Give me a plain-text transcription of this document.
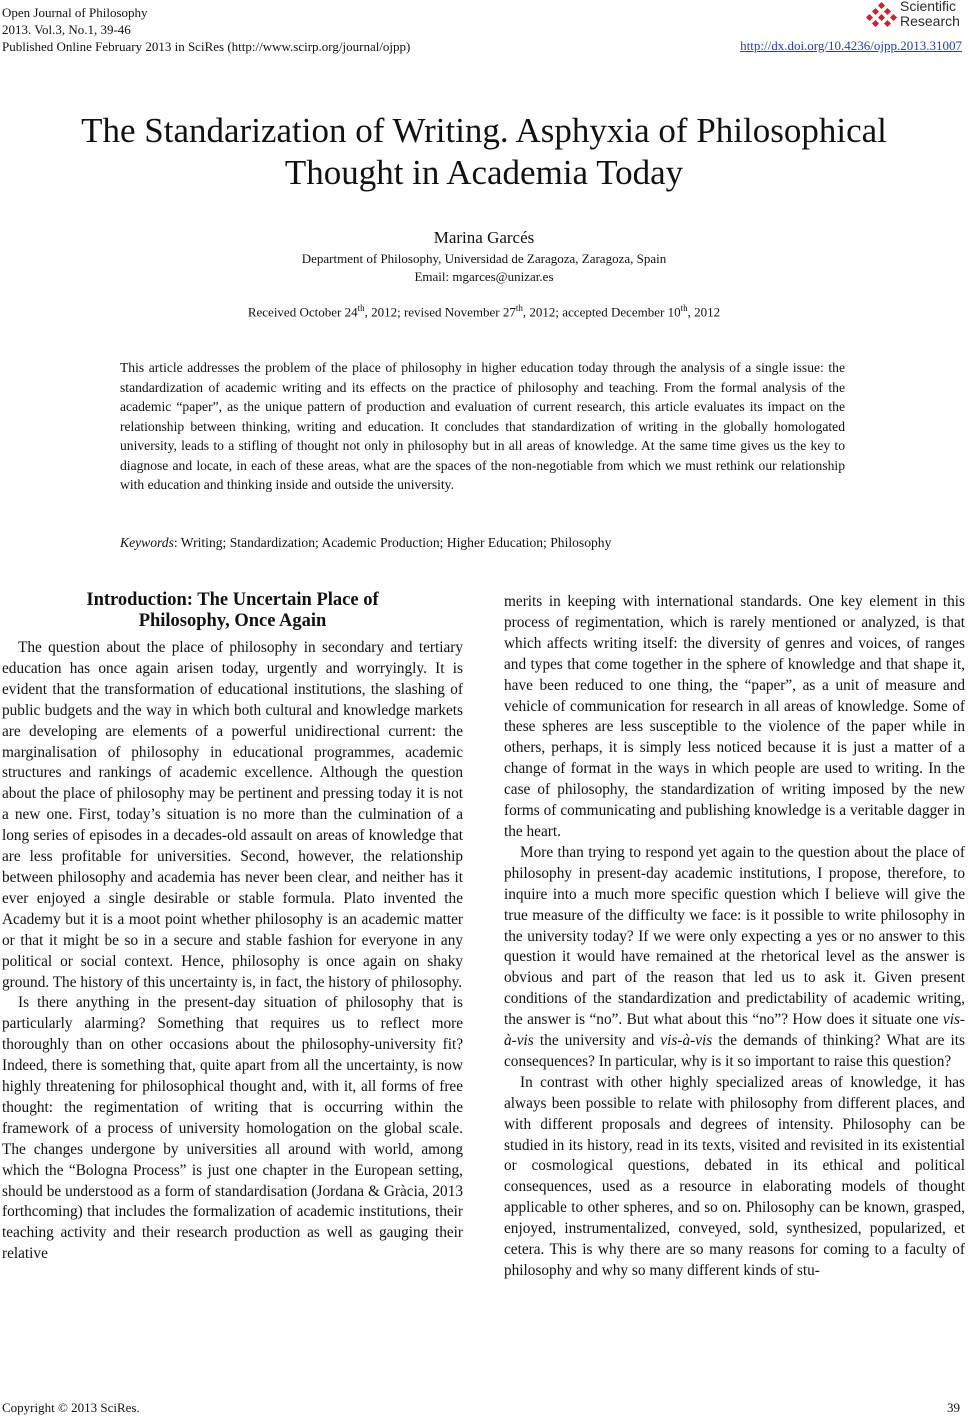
Open Journal of Philosophy
2013. Vol.3, No.1, 39-46
Published Online February 2013 in SciRes (http://www.scirp.org/journal/ojpp)
Scientific
Research
http://dx.doi.org/10.4236/ojpp.2013.31007
The Standarization of Writing. Asphyxia of Philosophical
Thought in Academia Today
Marina Garcés
Department of Philosophy, Universidad de Zaragoza, Zaragoza, Spain
Email: mgarces@unizar.es
Received October 24th, 2012; revised November 27th, 2012; accepted December 10th, 2012
This article addresses the problem of the place of philosophy in higher education today through the analysis of a single issue: the standardization of academic writing and its effects on the practice of philosophy and teaching. From the formal analysis of the academic “paper”, as the unique pattern of production and evaluation of current research, this article evaluates its impact on the relationship between thinking, writing and education. It concludes that standardization of writing in the globally homologated university, leads to a stifling of thought not only in philosophy but in all areas of knowledge. At the same time gives us the key to diagnose and locate, in each of these areas, what are the spaces of the non-negotiable from which we must rethink our relationship with education and thinking inside and outside the university.
Keywords: Writing; Standardization; Academic Production; Higher Education; Philosophy
Introduction: The Uncertain Place of
Philosophy, Once Again

The question about the place of philosophy in secondary and tertiary education has once again arisen today, urgently and worryingly. It is evident that the transformation of educational institutions, the slashing of public budgets and the way in which both cultural and knowledge markets are developing are elements of a powerful unidirectional current: the marginalisation of philosophy in educational programmes, academic structures and rankings of academic excellence. Although the question about the place of philosophy may be pertinent and pressing today it is not a new one. First, today’s situation is no more than the culmination of a long series of episodes in a decades-old assault on areas of knowledge that are less profitable for universities. Second, however, the relationship between philosophy and academia has never been clear, and neither has it ever enjoyed a single desirable or stable formula. Plato invented the Academy but it is a moot point whether philosophy is an academic matter or that it might be so in a secure and stable fashion for everyone in any political or social context. Hence, philosophy is once again on shaky ground. The history of this uncertainty is, in fact, the history of philosophy.

Is there anything in the present-day situation of philosophy that is particularly alarming? Something that requires us to reflect more thoroughly than on other occasions about the philosophy-university fit? Indeed, there is something that, quite apart from all the uncertainty, is now highly threatening for philosophical thought and, with it, all forms of free thought: the regimentation of writing that is occurring within the framework of a process of university homologation on the global scale. The changes undergone by universities all around with world, among which the “Bologna Process” is just one chapter in the European setting, should be understood as a form of standardisation (Jordana & Gràcia, 2013 forthcoming) that includes the formalization of academic institutions, their teaching activity and their research production as well as gauging their relative

merits in keeping with international standards. One key element in this process of regimentation, which is rarely mentioned or analyzed, is that which affects writing itself: the diversity of genres and voices, of ranges and types that come together in the sphere of knowledge and that shape it, have been reduced to one thing, the “paper”, as a unit of measure and vehicle of communication for research in all areas of knowledge. Some of these spheres are less susceptible to the violence of the paper while in others, perhaps, it is simply less noticed because it is just a matter of a change of format in the ways in which people are used to writing. In the case of philosophy, the standardization of writing imposed by the new forms of communicating and publishing knowledge is a veritable dagger in the heart.

More than trying to respond yet again to the question about the place of philosophy in present-day academic institutions, I propose, therefore, to inquire into a much more specific question which I believe will give the true measure of the difficulty we face: is it possible to write philosophy in the university today? If we were only expecting a yes or no answer to this question it would have remained at the rhetorical level as the answer is obvious and part of the reason that led us to ask it. Given present conditions of the standardization and predictability of academic writing, the answer is “no”. But what about this “no”? How does it situate one vis-à-vis the university and vis-à-vis the demands of thinking? What are its consequences? In particular, why is it so important to raise this question?

In contrast with other highly specialized areas of knowledge, it has always been possible to relate with philosophy from different places, and with different proposals and degrees of intensity. Philosophy can be studied in its history, read in its texts, visited and revisited in its existential or cosmological questions, debated in its ethical and political consequences, used as a resource in elaborating models of thought applicable to other spheres, and so on. Philosophy can be known, grasped, enjoyed, instrumentalized, conveyed, sold, synthesized, popularized, et cetera. This is why there are so many reasons for coming to a faculty of philosophy and why so many different kinds of stu-

Copyright © 2013 SciRes.	39
